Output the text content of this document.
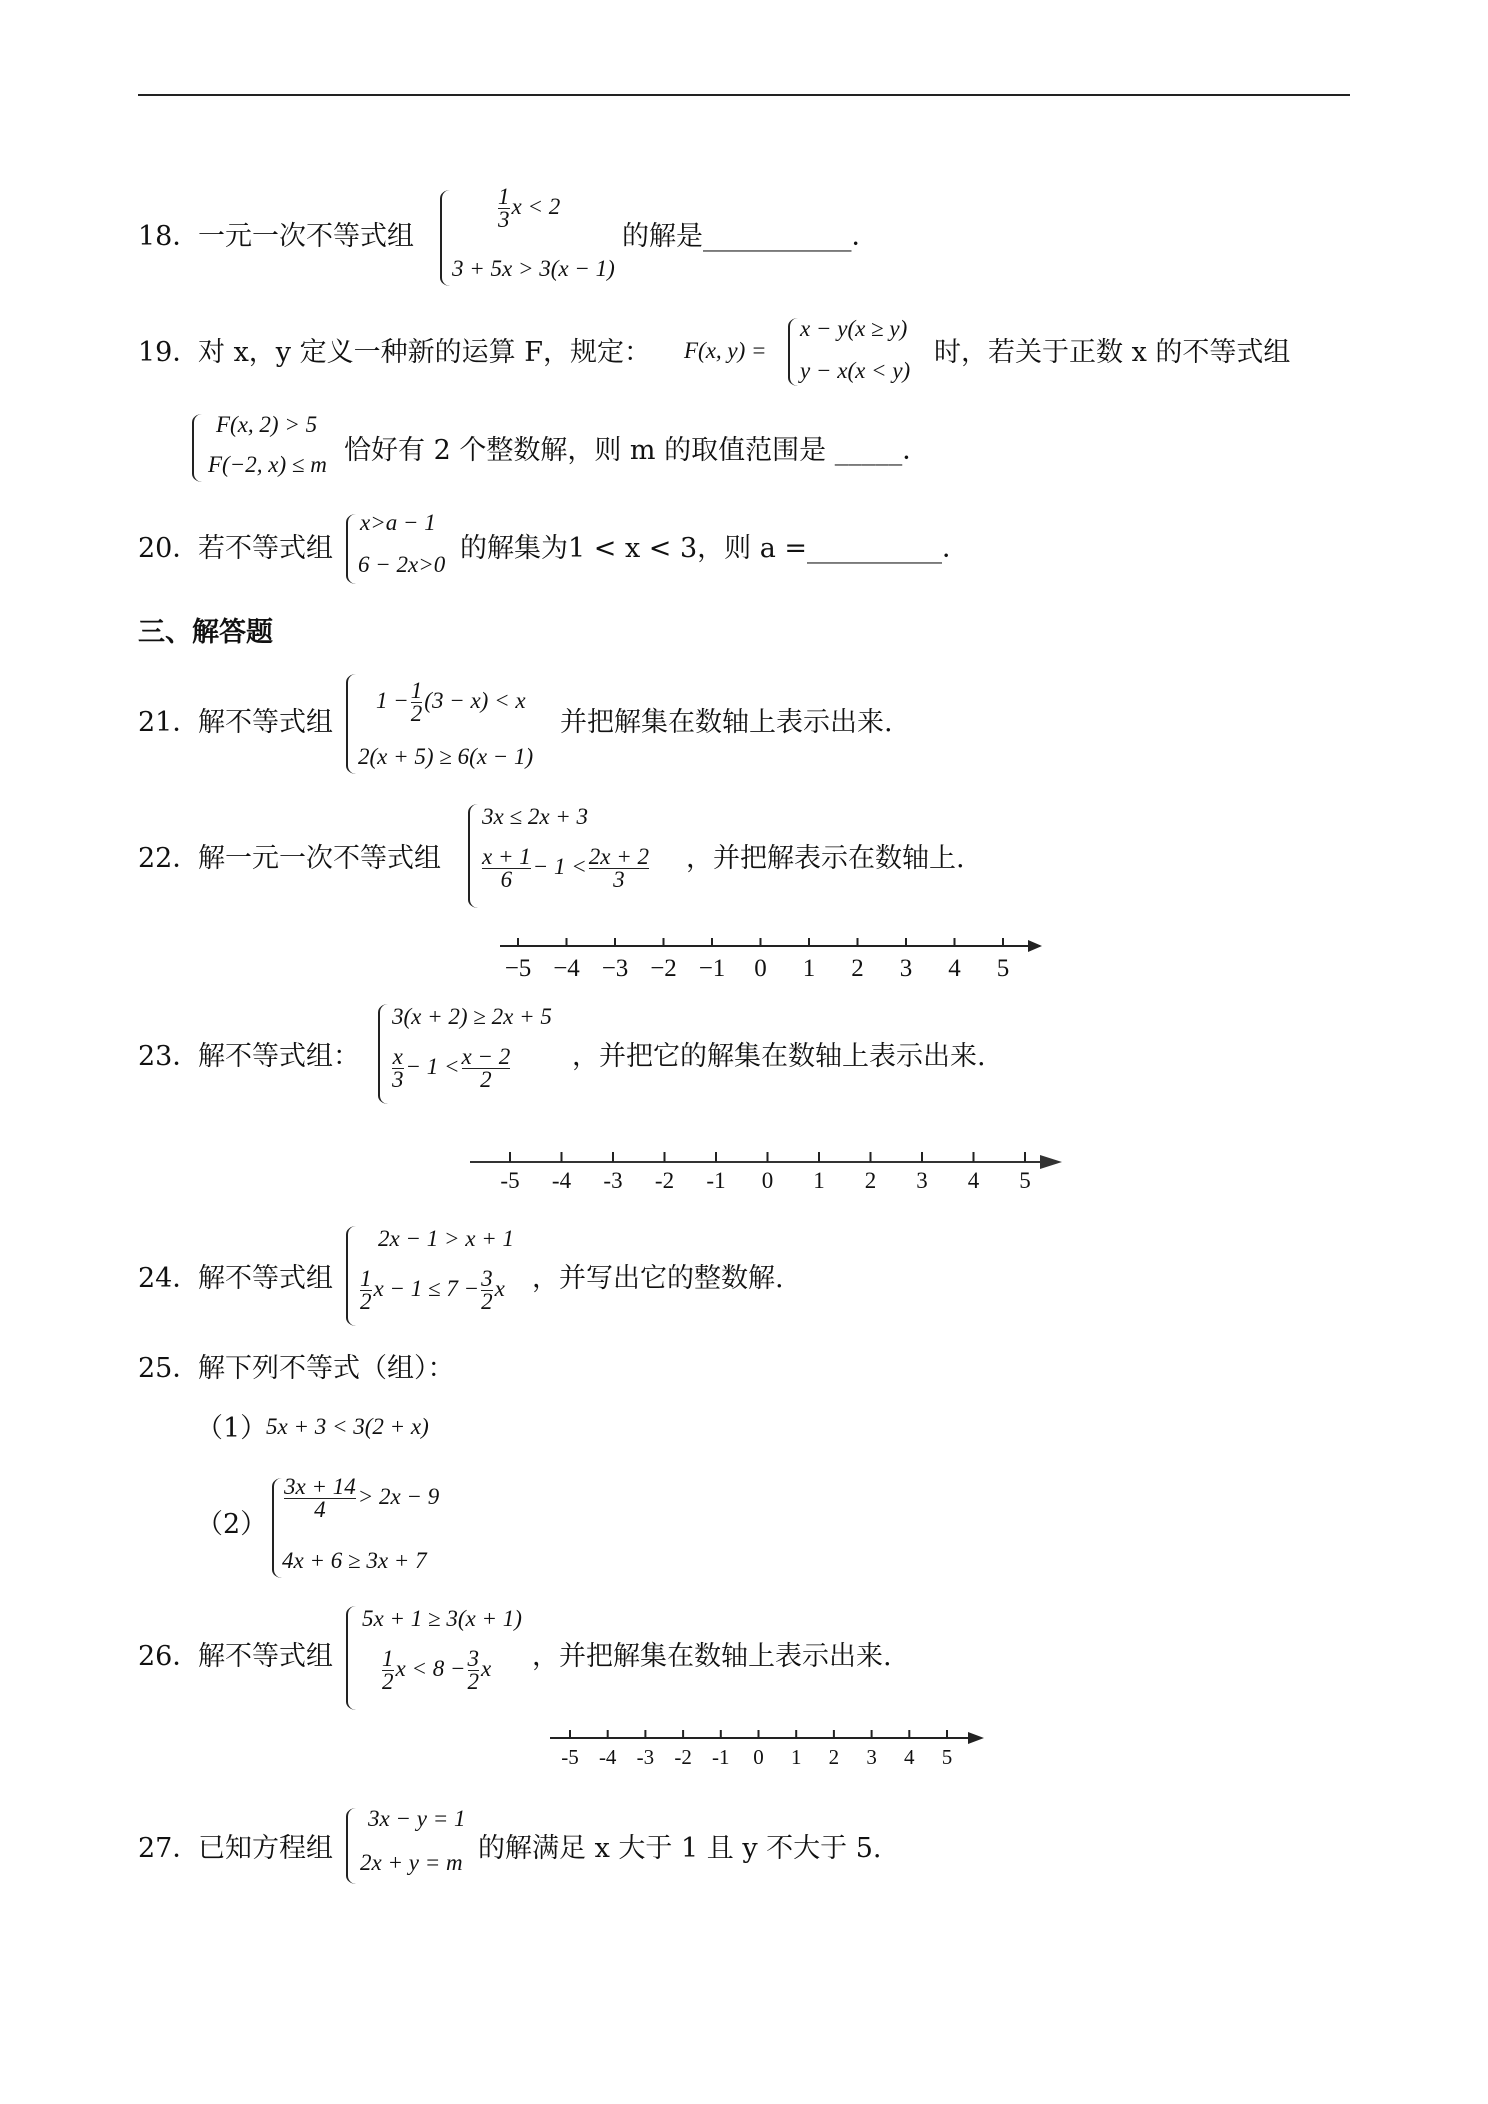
18．
一元一次不等式组
$\frac{1}{3}$ x < 2
3 + 5x > 3(x − 1)
的解是___________．
19．
对 x，y 定义一种新的运算 F，规定： F(x, y) =
x − y(x ≥ y)
y − x(x < y)
时，若关于正数 x 的不等式组
F(x, 2) > 5
F(−2, x) ≤ m 恰好有 2 个整数解，则 m 的取值范围是 _____．
20．
若不等式组
x>a − 1
6 − 2x>0
的解集为1 < x < 3，则 a =__________．
三、解答题
21．
解不等式组
$1 - \frac{1}{2} (3 - x) < x$
2(x + 5) ≥ 6(x − 1)
并把解集在数轴上表示出来.
22．
解一元一次不等式组
3x ≤ 2x + 3
$\frac{x + 1}{6} - 1 < \frac{2x + 2}{3}$ ，并把解表示在数轴上.
−5 −4 −3 −2 −1 0 1 2 3 4 5
23．
解不等式组：
3(x + 2) ≥ 2x + 5
$\frac{x}{3} - 1 < \frac{x - 2}{2}$ ，并把它的解集在数轴上表示出来.
-5 -4 -3 -2 -1 0 1 2 3 4 5
24．
解不等式组
2x − 1 > x + 1
$\frac{1}{2}$ $x - 1 \le 7 - \frac{3}{2}$ x ，并写出它的整数解.
25．
解下列不等式（组）：
（1）
5x + 3 < 3(2 + x)
（2）
$\frac{3x + 14}{4} > 2x - 9$
4x + 6 ≥ 3x + 7
26．
解不等式组
5x + 1 ≥ 3(x + 1)
$\frac{1}{2}$ $x < 8 - \frac{3}{2}$ x ，并把解集在数轴上表示出来.
-5 -4 -3 -2 -1 0 1 2 3 4 5
27．
已知方程组
3x − y = 1
2x + y = m 的解满足 x 大于 1 且 y 不大于 5.
